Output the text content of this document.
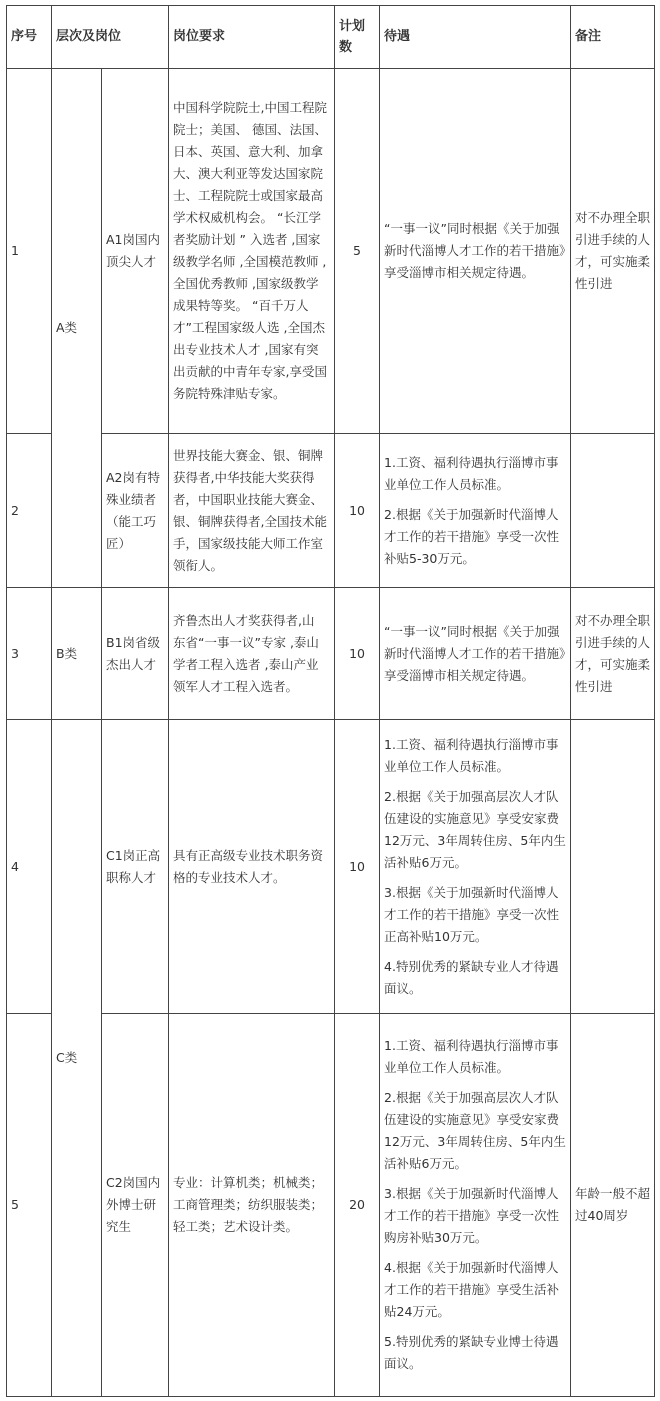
序号	层次及岗位		岗位要求	计划数	待遇	备注
1	A类	A1岗国内顶尖人才	中国科学院院士,中国工程院院士；美国、 德国、法国、 日本、英国、意大利、加拿大、澳大利亚等发达国家院士、工程院院士或国家最高学术权威机构会。 “长江学者奖励计划 ” 入选者 ,国家级教学名师 ,全国模范教师 ,全国优秀教师 ,国家级教学成果特等奖。 “百千万人才”工程国家级人选 ,全国杰出专业技术人才 ,国家有突出贡献的中青年专家,享受国务院特殊津贴专家。	5	“一事一议”同时根据《关于加强新时代淄博人才工作的若干措施》享受淄博市相关规定待遇。	对不办理全职引进手续的人才，可实施柔性引进
2		A2岗有特殊业绩者（能工巧匠）	世界技能大赛金、银、铜牌获得者,中华技能大奖获得者，中国职业技能大赛金、银、铜牌获得者,全国技术能手，国家级技能大师工作室领衔人。	10	1.工资、福利待遇执行淄博市事业单位工作人员标准。

2.根据《关于加强新时代淄博人才工作的若干措施》享受一次性补贴5-30万元。	

3	B类	B1岗省级杰出人才	齐鲁杰出人才奖获得者,山 东省“一事一议”专家 ,泰山学者工程入选者 ,泰山产业领军人才工程入选者。	10	“一事一议”同时根据《关于加强新时代淄博人才工作的若干措施》享受淄博市相关规定待遇。	对不办理全职引进手续的人才，可实施柔性引进
4	C类	C1岗正高职称人才	具有正高级专业技术职务资格的专业技术人才。	10	1.工资、福利待遇执行淄博市事业单位工作人员标准。

2.根据《关于加强高层次人才队伍建设的实施意见》享受安家费12万元、3年周转住房、5年内生活补贴6万元。

3.根据《关于加强新时代淄博人才工作的若干措施》享受一次性正高补贴10万元。

4.特别优秀的紧缺专业人才待遇面议。	

5		C2岗国内外博士研究生	专业：计算机类；机械类；工商管理类；纺织服装类；轻工类；艺术设计类。	20	1.工资、福利待遇执行淄博市事业单位工作人员标准。

2.根据《关于加强高层次人才队伍建设的实施意见》享受安家费12万元、3年周转住房、5年内生活补贴6万元。

3.根据《关于加强新时代淄博人才工作的若干措施》享受一次性购房补贴30万元。

4.根据《关于加强新时代淄博人才工作的若干措施》享受生活补贴24万元。

5.特别优秀的紧缺专业博士待遇面议。	年龄一般不超过40周岁
